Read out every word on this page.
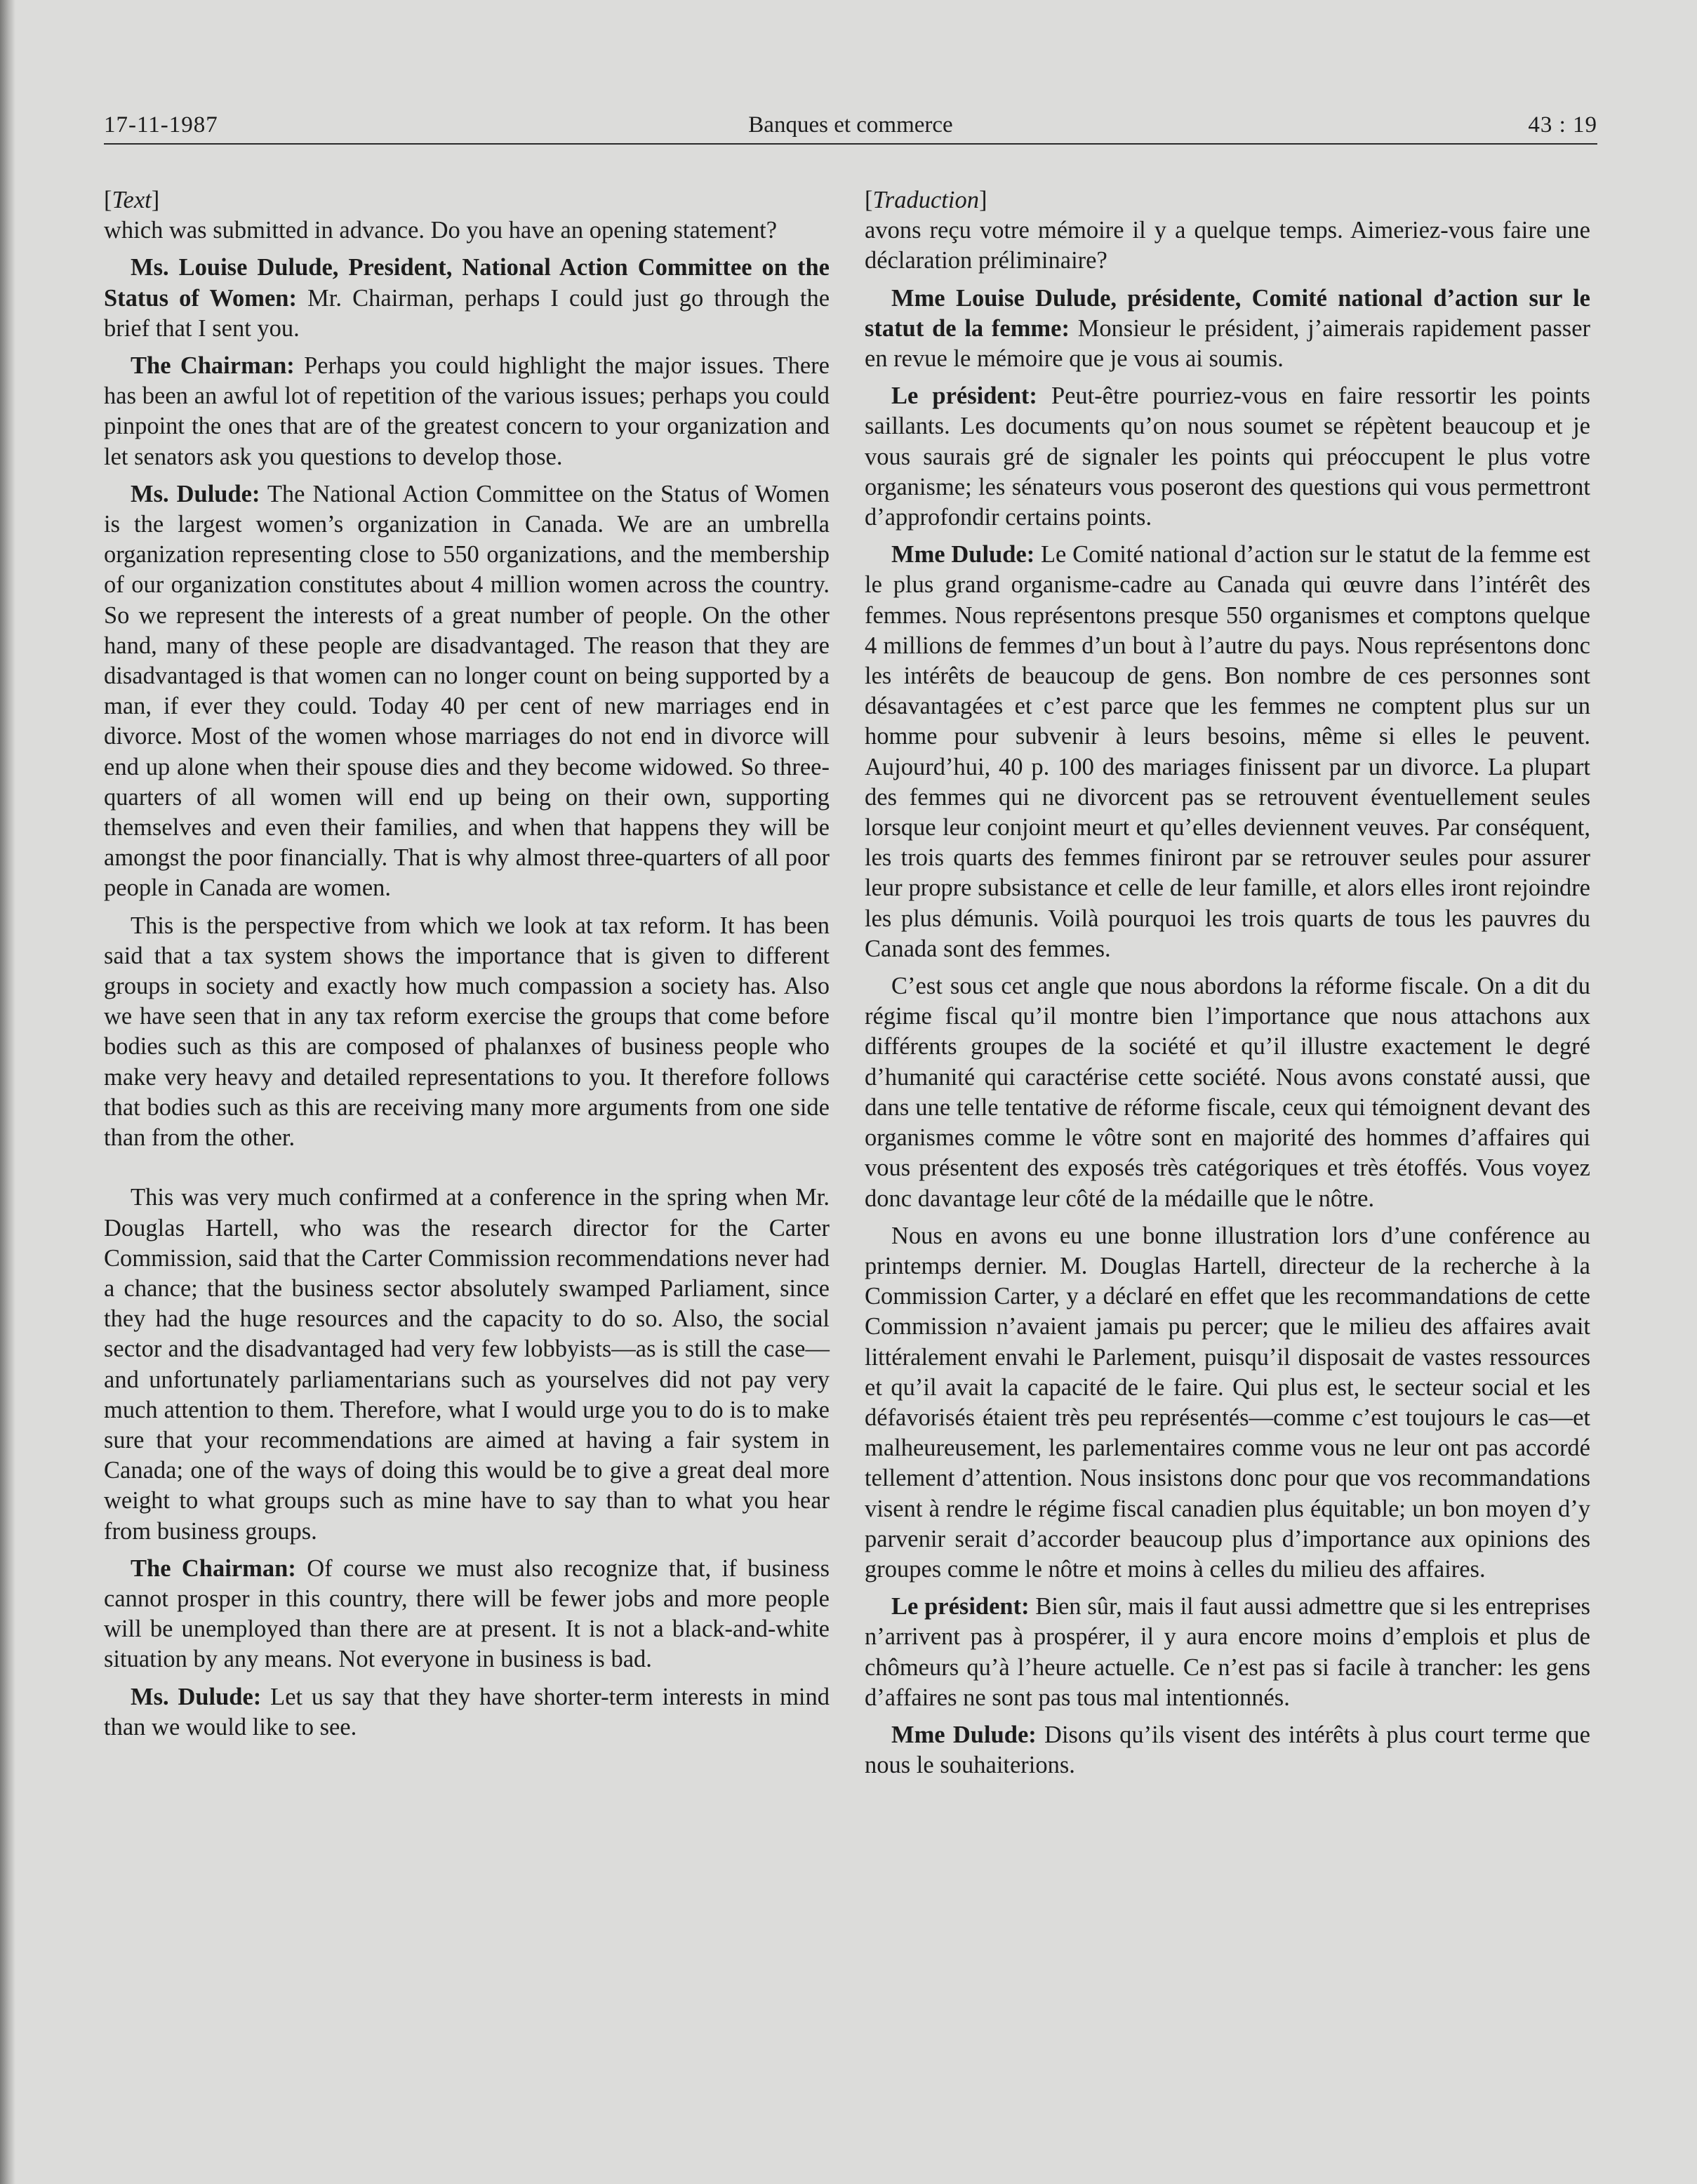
17-11-1987	Banques et commerce	43 : 19
[Text]

which was submitted in advance. Do you have an opening statement?

Ms. Louise Dulude, President, National Action Committee on the Status of Women: Mr. Chairman, perhaps I could just go through the brief that I sent you.

The Chairman: Perhaps you could highlight the major issues. There has been an awful lot of repetition of the various issues; perhaps you could pinpoint the ones that are of the greatest concern to your organization and let senators ask you questions to develop those.

Ms. Dulude: The National Action Committee on the Status of Women is the largest women’s organization in Canada. We are an umbrella organization representing close to 550 organizations, and the membership of our organization constitutes about 4 million women across the country. So we represent the interests of a great number of people. On the other hand, many of these people are disadvantaged. The reason that they are disadvantaged is that women can no longer count on being supported by a man, if ever they could. Today 40 per cent of new marriages end in divorce. Most of the women whose marriages do not end in divorce will end up alone when their spouse dies and they become widowed. So three-quarters of all women will end up being on their own, supporting themselves and even their families, and when that happens they will be amongst the poor financially. That is why almost three-quarters of all poor people in Canada are women.

This is the perspective from which we look at tax reform. It has been said that a tax system shows the importance that is given to different groups in society and exactly how much compassion a society has. Also we have seen that in any tax reform exercise the groups that come before bodies such as this are composed of phalanxes of business people who make very heavy and detailed representations to you. It therefore follows that bodies such as this are receiving many more arguments from one side than from the other.

This was very much confirmed at a conference in the spring when Mr. Douglas Hartell, who was the research director for the Carter Commission, said that the Carter Commission recommendations never had a chance; that the business sector absolutely swamped Parliament, since they had the huge resources and the capacity to do so. Also, the social sector and the disadvantaged had very few lobbyists—as is still the case—and unfortunately parliamentarians such as yourselves did not pay very much attention to them. Therefore, what I would urge you to do is to make sure that your recommendations are aimed at having a fair system in Canada; one of the ways of doing this would be to give a great deal more weight to what groups such as mine have to say than to what you hear from business groups.

The Chairman: Of course we must also recognize that, if business cannot prosper in this country, there will be fewer jobs and more people will be unemployed than there are at present. It is not a black-and-white situation by any means. Not everyone in business is bad.

Ms. Dulude: Let us say that they have shorter-term interests in mind than we would like to see.

[Traduction]

avons reçu votre mémoire il y a quelque temps. Aimeriez-vous faire une déclaration préliminaire?

Mme Louise Dulude, présidente, Comité national d’action sur le statut de la femme: Monsieur le président, j’aimerais rapidement passer en revue le mémoire que je vous ai soumis.

Le président: Peut-être pourriez-vous en faire ressortir les points saillants. Les documents qu’on nous soumet se répètent beaucoup et je vous saurais gré de signaler les points qui préoccupent le plus votre organisme; les sénateurs vous poseront des questions qui vous permettront d’approfondir certains points.

Mme Dulude: Le Comité national d’action sur le statut de la femme est le plus grand organisme-cadre au Canada qui œuvre dans l’intérêt des femmes. Nous représentons presque 550 organismes et comptons quelque 4 millions de femmes d’un bout à l’autre du pays. Nous représentons donc les intérêts de beaucoup de gens. Bon nombre de ces personnes sont désavantagées et c’est parce que les femmes ne comptent plus sur un homme pour subvenir à leurs besoins, même si elles le peuvent. Aujourd’hui, 40 p. 100 des mariages finissent par un divorce. La plupart des femmes qui ne divorcent pas se retrouvent éventuellement seules lorsque leur conjoint meurt et qu’elles deviennent veuves. Par conséquent, les trois quarts des femmes finiront par se retrouver seules pour assurer leur propre subsistance et celle de leur famille, et alors elles iront rejoindre les plus démunis. Voilà pourquoi les trois quarts de tous les pauvres du Canada sont des femmes.

C’est sous cet angle que nous abordons la réforme fiscale. On a dit du régime fiscal qu’il montre bien l’importance que nous attachons aux différents groupes de la société et qu’il illustre exactement le degré d’humanité qui caractérise cette société. Nous avons constaté aussi, que dans une telle tentative de réforme fiscale, ceux qui témoignent devant des organismes comme le vôtre sont en majorité des hommes d’affaires qui vous présentent des exposés très catégoriques et très étoffés. Vous voyez donc davantage leur côté de la médaille que le nôtre.

Nous en avons eu une bonne illustration lors d’une conférence au printemps dernier. M. Douglas Hartell, directeur de la recherche à la Commission Carter, y a déclaré en effet que les recommandations de cette Commission n’avaient jamais pu percer; que le milieu des affaires avait littéralement envahi le Parlement, puisqu’il disposait de vastes ressources et qu’il avait la capacité de le faire. Qui plus est, le secteur social et les défavorisés étaient très peu représentés—comme c’est toujours le cas—et malheureusement, les parlementaires comme vous ne leur ont pas accordé tellement d’attention. Nous insistons donc pour que vos recommandations visent à rendre le régime fiscal canadien plus équitable; un bon moyen d’y parvenir serait d’accorder beaucoup plus d’importance aux opinions des groupes comme le nôtre et moins à celles du milieu des affaires.

Le président: Bien sûr, mais il faut aussi admettre que si les entreprises n’arrivent pas à prospérer, il y aura encore moins d’emplois et plus de chômeurs qu’à l’heure actuelle. Ce n’est pas si facile à trancher: les gens d’affaires ne sont pas tous mal intentionnés.

Mme Dulude: Disons qu’ils visent des intérêts à plus court terme que nous le souhaiterions.
